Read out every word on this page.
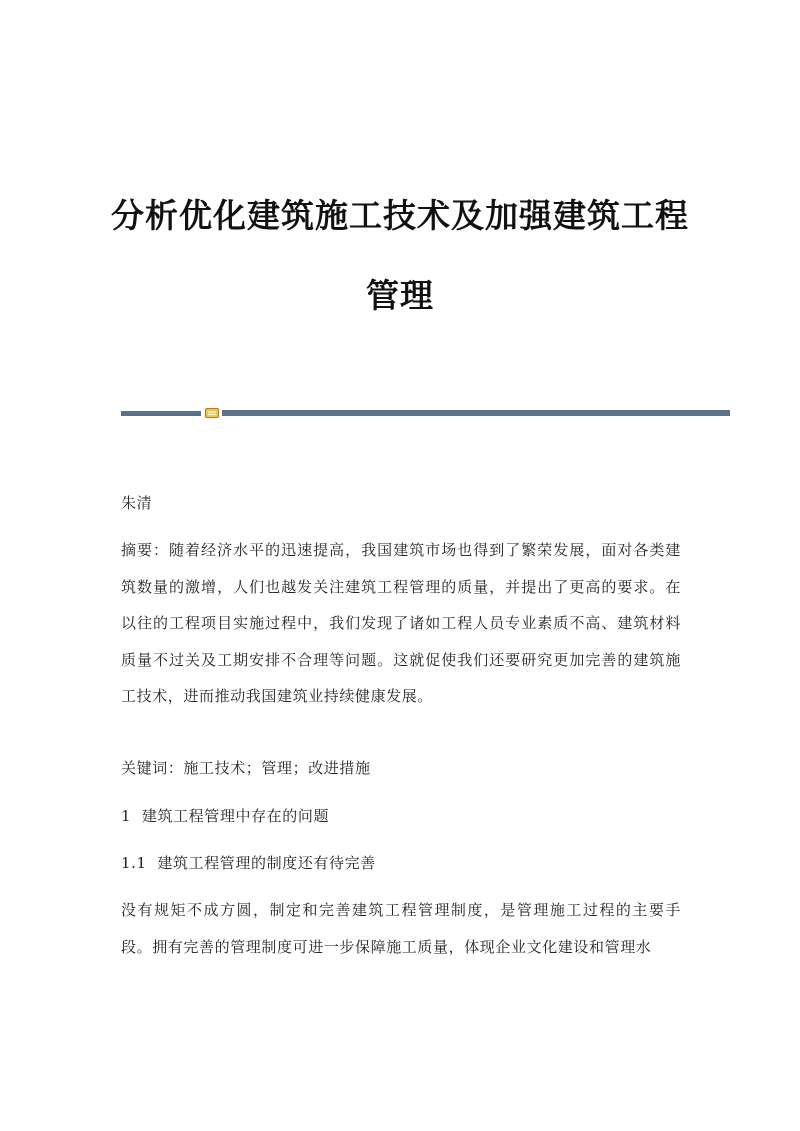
分析优化建筑施工技术及加强建筑工程
管理

朱清

摘要：随着经济水平的迅速提高，我国建筑市场也得到了繁荣发展，面对各类建筑数量的激增，人们也越发关注建筑工程管理的质量，并提出了更高的要求。在以往的工程项目实施过程中，我们发现了诸如工程人员专业素质不高、建筑材料质量不过关及工期安排不合理等问题。这就促使我们还要研究更加完善的建筑施工技术，进而推动我国建筑业持续健康发展。

关键词：施工技术；管理；改进措施

1  建筑工程管理中存在的问题

1.1  建筑工程管理的制度还有待完善

没有规矩不成方圆，制定和完善建筑工程管理制度，是管理施工过程的主要手段。拥有完善的管理制度可进一步保障施工质量，体现企业文化建设和管理水
